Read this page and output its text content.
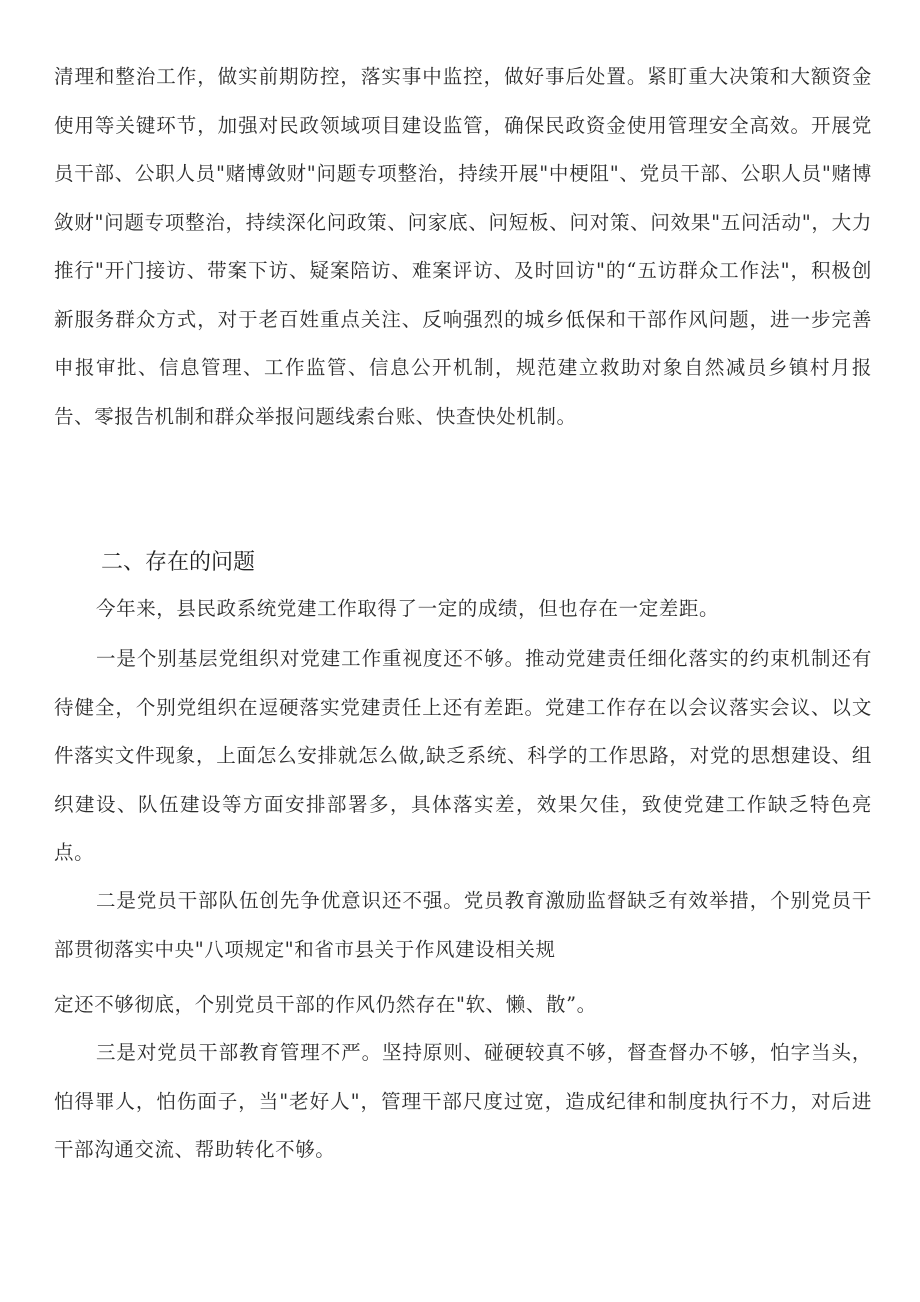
清理和整治工作，做实前期防控，落实事中监控，做好事后处置。紧盯重大决策和大额资金使用等关键环节，加强对民政领域项目建设监管，确保民政资金使用管理安全高效。开展党员干部、公职人员"赌博敛财"问题专项整治，持续开展"中梗阻"、党员干部、公职人员"赌博敛财"问题专项整治，持续深化问政策、问家底、问短板、问对策、问效果"五问活动"，大力推行"开门接访、带案下访、疑案陪访、难案评访、及时回访"的“五访群众工作法"，积极创新服务群众方式，对于老百姓重点关注、反响强烈的城乡低保和干部作风问题，进一步完善申报审批、信息管理、工作监管、信息公开机制，规范建立救助对象自然减员乡镇村月报告、零报告机制和群众举报问题线索台账、快查快处机制。

二、存在的问题

今年来，县民政系统党建工作取得了一定的成绩，但也存在一定差距。

一是个别基层党组织对党建工作重视度还不够。推动党建责任细化落实的约束机制还有待健全，个别党组织在逗硬落实党建责任上还有差距。党建工作存在以会议落实会议、以文件落实文件现象，上面怎么安排就怎么做,缺乏系统、科学的工作思路，对党的思想建设、组织建设、队伍建设等方面安排部署多，具体落实差，效果欠佳，致使党建工作缺乏特色亮点。

二是党员干部队伍创先争优意识还不强。党员教育激励监督缺乏有效举措，个别党员干部贯彻落实中央"八项规定"和省市县关于作风建设相关规

定还不够彻底，个别党员干部的作风仍然存在"软、懒、散”。

三是对党员干部教育管理不严。坚持原则、碰硬较真不够，督查督办不够，怕字当头，怕得罪人，怕伤面子，当"老好人"，管理干部尺度过宽，造成纪律和制度执行不力，对后进干部沟通交流、帮助转化不够。
